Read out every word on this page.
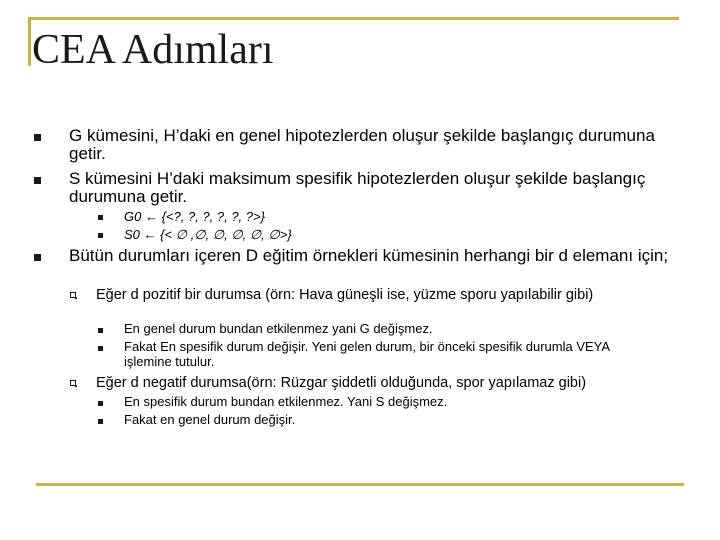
CEA Adımları
G kümesini, H’daki en genel hipotezlerden oluşur şekilde başlangıç durumuna getir.
S kümesini H’daki maksimum spesifik hipotezlerden oluşur şekilde başlangıç durumuna getir.
G0 ← {<?, ?, ?, ?, ?, ?>}
S0 ← {< ∅ ,∅, ∅, ∅, ∅, ∅>}
Bütün durumları içeren D eğitim örnekleri kümesinin herhangi bir d elemanı için;
Eğer d pozitif bir durumsa (örn: Hava güneşli ise, yüzme sporu yapılabilir gibi)
En genel durum bundan etkilenmez yani G değişmez.
Fakat En spesifik durum değişir. Yeni gelen durum, bir önceki spesifik durumla VEYA işlemine tutulur.
Eğer d negatif durumsa(örn: Rüzgar şiddetli olduğunda, spor yapılamaz gibi)
En spesifik durum bundan etkilenmez. Yani S değişmez.
Fakat en genel durum değişir.
